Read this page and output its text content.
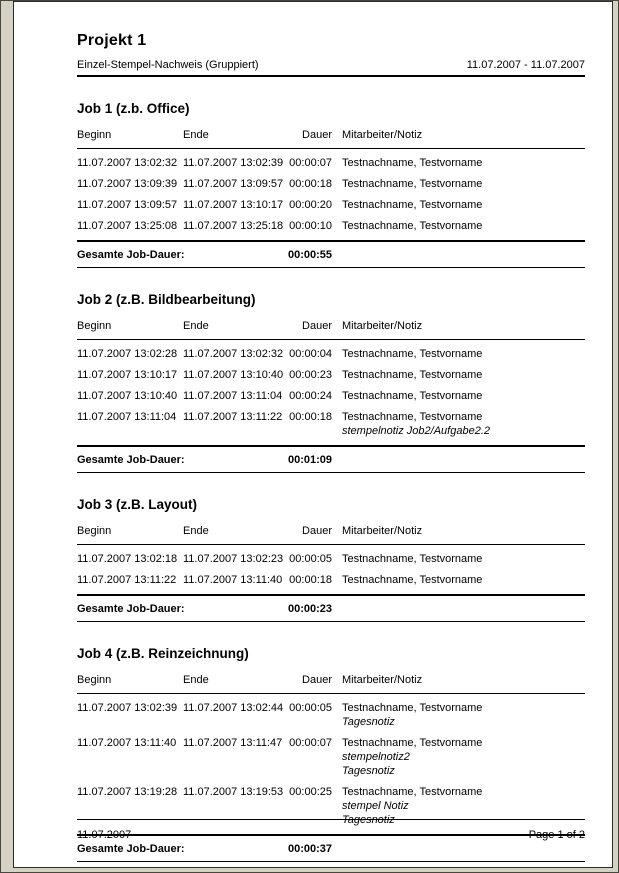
Projekt 1
Einzel-Stempel-Nachweis (Gruppiert)	11.07.2007 - 11.07.2007
Job 1 (z.b. Office)
Beginn	Ende	Dauer Mitarbeiter/Notiz
11.07.2007 13:02:32 11.07.2007 13:02:39 00:00:07 Testnachname, Testvorname
11.07.2007 13:09:39 11.07.2007 13:09:57 00:00:18 Testnachname, Testvorname
11.07.2007 13:09:57 11.07.2007 13:10:17 00:00:20 Testnachname, Testvorname
11.07.2007 13:25:08 11.07.2007 13:25:18 00:00:10 Testnachname, Testvorname
Gesamte Job-Dauer:	00:00:55
Job 2 (z.B. Bildbearbeitung)
Beginn	Ende	Dauer Mitarbeiter/Notiz
11.07.2007 13:02:28 11.07.2007 13:02:32 00:00:04 Testnachname, Testvorname
11.07.2007 13:10:17 11.07.2007 13:10:40 00:00:23 Testnachname, Testvorname
11.07.2007 13:10:40 11.07.2007 13:11:04 00:00:24 Testnachname, Testvorname
11.07.2007 13:11:04 11.07.2007 13:11:22 00:00:18 Testnachname, Testvorname
stempelnotiz Job2/Aufgabe2.2
Gesamte Job-Dauer:	00:01:09
Job 3 (z.B. Layout)
Beginn	Ende	Dauer Mitarbeiter/Notiz
11.07.2007 13:02:18 11.07.2007 13:02:23 00:00:05 Testnachname, Testvorname
11.07.2007 13:11:22 11.07.2007 13:11:40 00:00:18 Testnachname, Testvorname
Gesamte Job-Dauer:	00:00:23
Job 4 (z.B. Reinzeichnung)
Beginn	Ende	Dauer Mitarbeiter/Notiz
11.07.2007 13:02:39 11.07.2007 13:02:44 00:00:05 Testnachname, Testvorname
Tagesnotiz
11.07.2007 13:11:40 11.07.2007 13:11:47 00:00:07 Testnachname, Testvorname
stempelnotiz2
Tagesnotiz
11.07.2007 13:19:28 11.07.2007 13:19:53 00:00:25 Testnachname, Testvorname
stempel Notiz
Tagesnotiz
Gesamte Job-Dauer:	00:00:37
11.07.2007	Page 1 of 2
